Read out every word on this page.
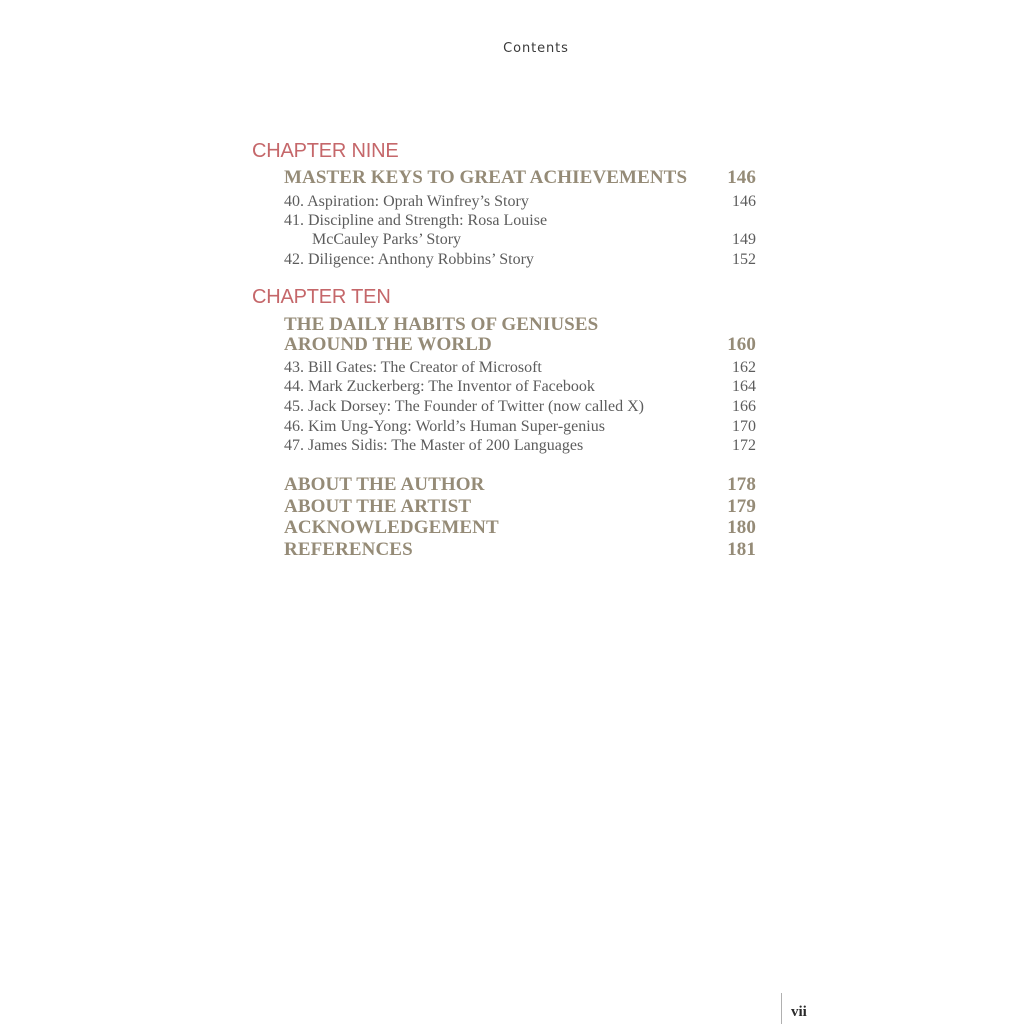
Contents
CHAPTER NINE
MASTER KEYS TO GREAT ACHIEVEMENTS 146
40. Aspiration: Oprah Winfrey’s Story	146
41. Discipline and Strength: Rosa Louise
McCauley Parks’ Story	149
42. Diligence: Anthony Robbins’ Story	152
CHAPTER TEN
THE DAILY HABITS OF GENIUSES
AROUND THE WORLD	160
43. Bill Gates: The Creator of Microsoft	162
44. Mark Zuckerberg: The Inventor of Facebook	164
45. Jack Dorsey: The Founder of Twitter (now called X)	166
46. Kim Ung-Yong: World’s Human Super-genius	170
47. James Sidis: The Master of 200 Languages	172
ABOUT THE AUTHOR	178
ABOUT THE ARTIST	179
ACKNOWLEDGEMENT	180
REFERENCES	181
vii
